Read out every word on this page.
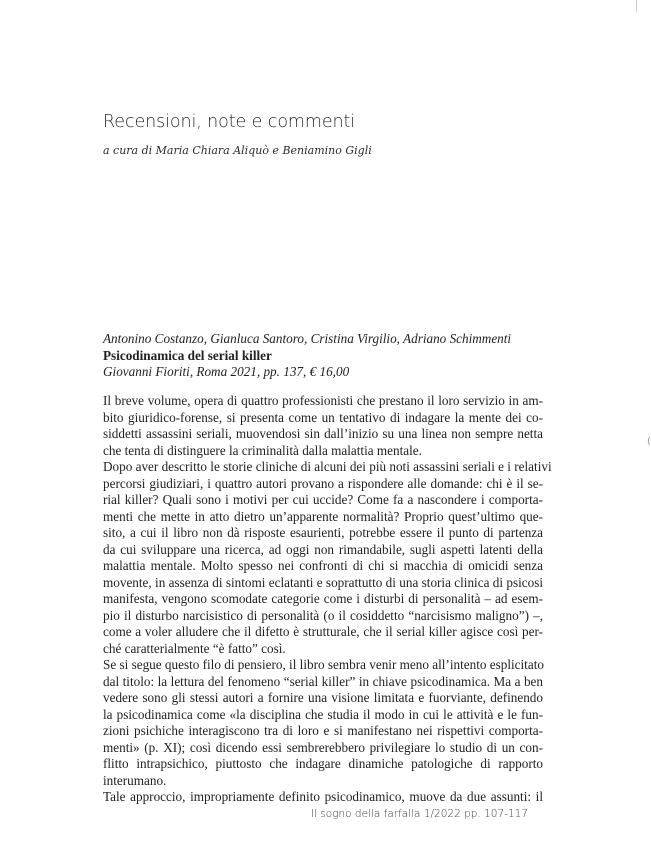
(
Recensioni, note e commenti

a cura di Maria Chiara Aliquò e Beniamino Gigli

Antonino Costanzo, Gianluca Santoro, Cristina Virgilio, Adriano Schimmenti
Psicodinamica del serial killer
Giovanni Fioriti, Roma 2021, pp. 137, € 16,00
Il breve volume, opera di quattro professionisti che prestano il loro servizio in am-
bito giuridico-forense, si presenta come un tentativo di indagare la mente dei co-
siddetti assassini seriali, muovendosi sin dall’inizio su una linea non sempre netta
che tenta di distinguere la criminalità dalla malattia mentale.
Dopo aver descritto le storie cliniche di alcuni dei più noti assassini seriali e i relativi
percorsi giudiziari, i quattro autori provano a rispondere alle domande: chi è il se-
rial killer? Quali sono i motivi per cui uccide? Come fa a nascondere i comporta-
menti che mette in atto dietro un’apparente normalità? Proprio quest’ultimo que-
sito, a cui il libro non dà risposte esaurienti, potrebbe essere il punto di partenza
da cui sviluppare una ricerca, ad oggi non rimandabile, sugli aspetti latenti della
malattia mentale. Molto spesso nei confronti di chi si macchia di omicidi senza
movente, in assenza di sintomi eclatanti e soprattutto di una storia clinica di psicosi
manifesta, vengono scomodate categorie come i disturbi di personalità – ad esem-
pio il disturbo narcisistico di personalità (o il cosiddetto “narcisismo maligno”) –,
come a voler alludere che il difetto è strutturale, che il serial killer agisce così per-
ché caratterialmente “è fatto” così.
Se si segue questo filo di pensiero, il libro sembra venir meno all’intento esplicitato
dal titolo: la lettura del fenomeno “serial killer” in chiave psicodinamica. Ma a ben
vedere sono gli stessi autori a fornire una visione limitata e fuorviante, definendo
la psicodinamica come «la disciplina che studia il modo in cui le attività e le fun-
zioni psichiche interagiscono tra di loro e si manifestano nei rispettivi comporta-
menti» (p. XI); così dicendo essi sembrerebbero privilegiare lo studio di un con-
flitto intrapsichico, piuttosto che indagare dinamiche patologiche di rapporto
interumano.
Tale approccio, impropriamente definito psicodinamico, muove da due assunti: il
Il sogno della farfalla 1/2022 pp. 107-117
